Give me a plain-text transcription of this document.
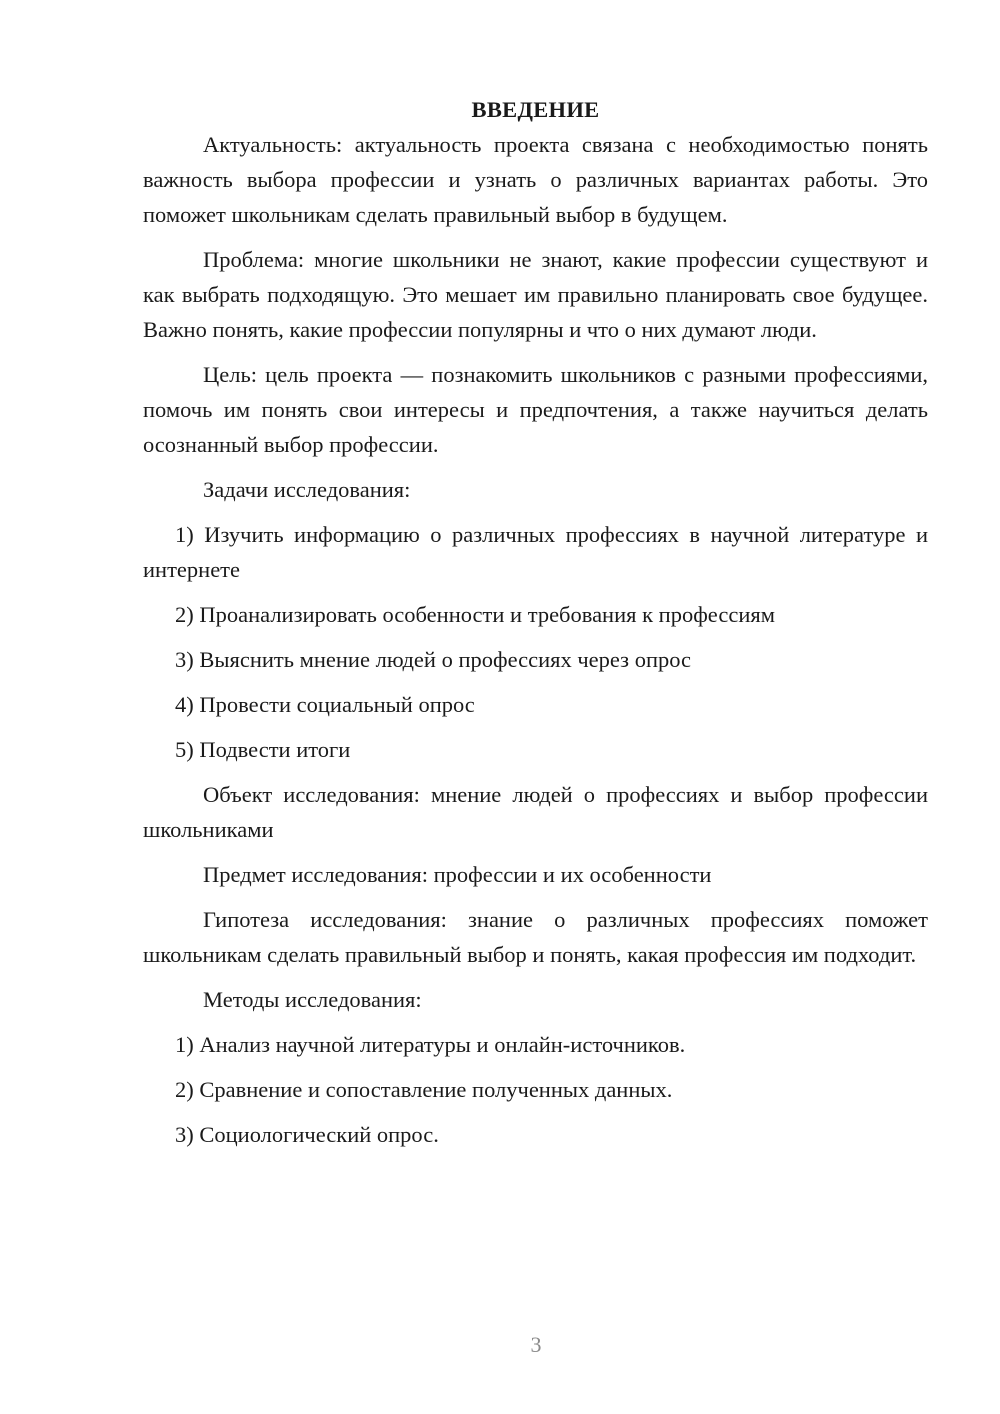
ВВЕДЕНИЕ

Актуальность: актуальность проекта связана с необходимостью понять важность выбора профессии и узнать о различных вариантах работы. Это поможет школьникам сделать правильный выбор в будущем.

Проблема: многие школьники не знают, какие профессии существуют и как выбрать подходящую. Это мешает им правильно планировать свое будущее. Важно понять, какие профессии популярны и что о них думают люди.

Цель: цель проекта — познакомить школьников с разными профессиями, помочь им понять свои интересы и предпочтения, а также научиться делать осознанный выбор профессии.

Задачи исследования:

1) Изучить информацию о различных профессиях в научной литературе и интернете

2) Проанализировать особенности и требования к профессиям

3) Выяснить мнение людей о профессиях через опрос

4) Провести социальный опрос

5) Подвести итоги

Объект исследования: мнение людей о профессиях и выбор профессии школьниками

Предмет исследования: профессии и их особенности

Гипотеза исследования: знание о различных профессиях поможет школьникам сделать правильный выбор и понять, какая профессия им подходит.

Методы исследования:

1) Анализ научной литературы и онлайн-источников.

2) Сравнение и сопоставление полученных данных.

3) Социологический опрос.

3
